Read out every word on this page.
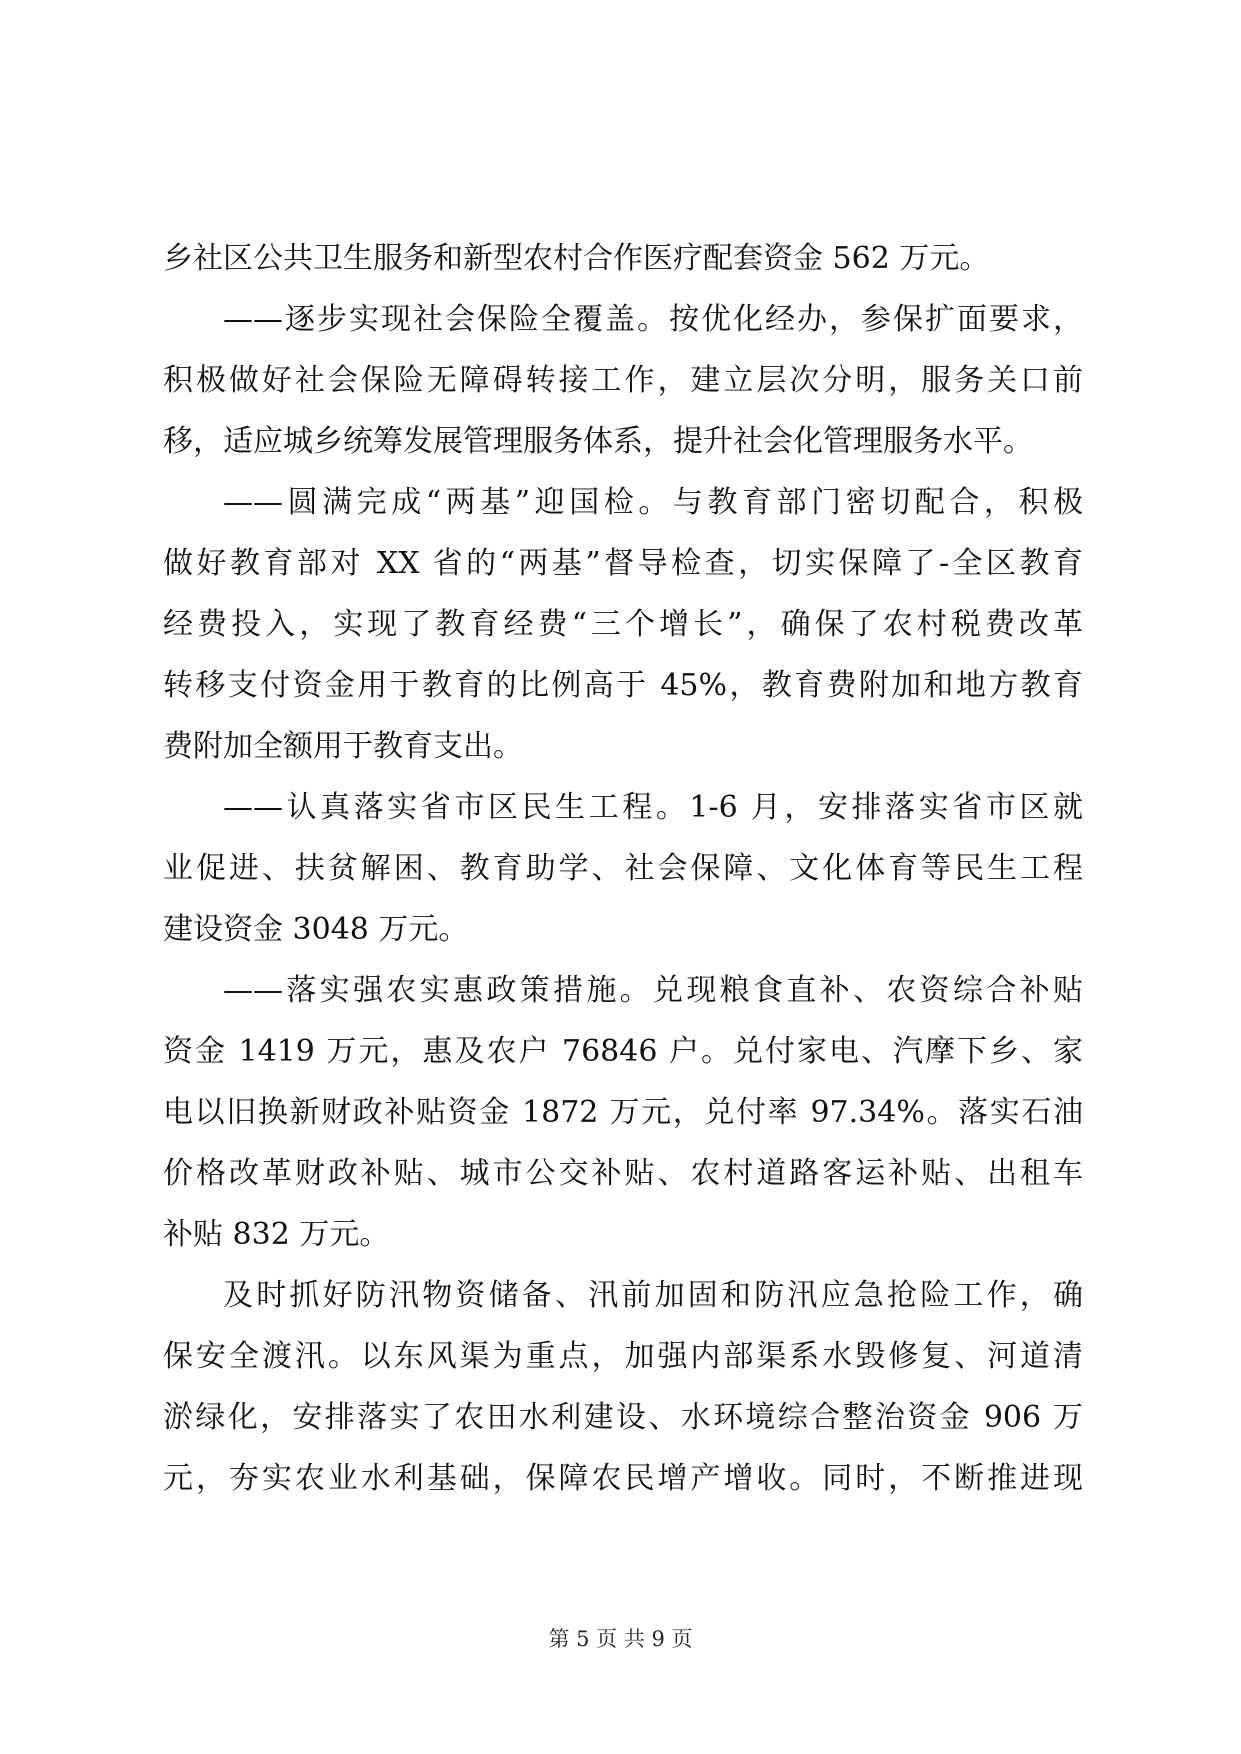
乡社区公共卫生服务和新型农村合作医疗配套资金 562 万元。
——逐步实现社会保险全覆盖。按优化经办，参保扩面要求，
积极做好社会保险无障碍转接工作，建立层次分明，服务关口前
移，适应城乡统筹发展管理服务体系，提升社会化管理服务水平。
——圆满完成“两基”迎国检。与教育部门密切配合，积极
做好教育部对 XX 省的“两基”督导检查，切实保障了-全区教育
经费投入，实现了教育经费“三个增长”，确保了农村税费改革
转移支付资金用于教育的比例高于 45%，教育费附加和地方教育
费附加全额用于教育支出。
——认真落实省市区民生工程。1-6 月，安排落实省市区就
业促进、扶贫解困、教育助学、社会保障、文化体育等民生工程
建设资金 3048 万元。
——落实强农实惠政策措施。兑现粮食直补、农资综合补贴
资金 1419 万元，惠及农户 76846 户。兑付家电、汽摩下乡、家
电以旧换新财政补贴资金 1872 万元，兑付率 97.34%。落实石油
价格改革财政补贴、城市公交补贴、农村道路客运补贴、出租车
补贴 832 万元。
及时抓好防汛物资储备、汛前加固和防汛应急抢险工作，确
保安全渡汛。以东风渠为重点，加强内部渠系水毁修复、河道清
淤绿化，安排落实了农田水利建设、水环境综合整治资金 906 万
元，夯实农业水利基础，保障农民增产增收。同时，不断推进现
第 5 页 共 9 页
